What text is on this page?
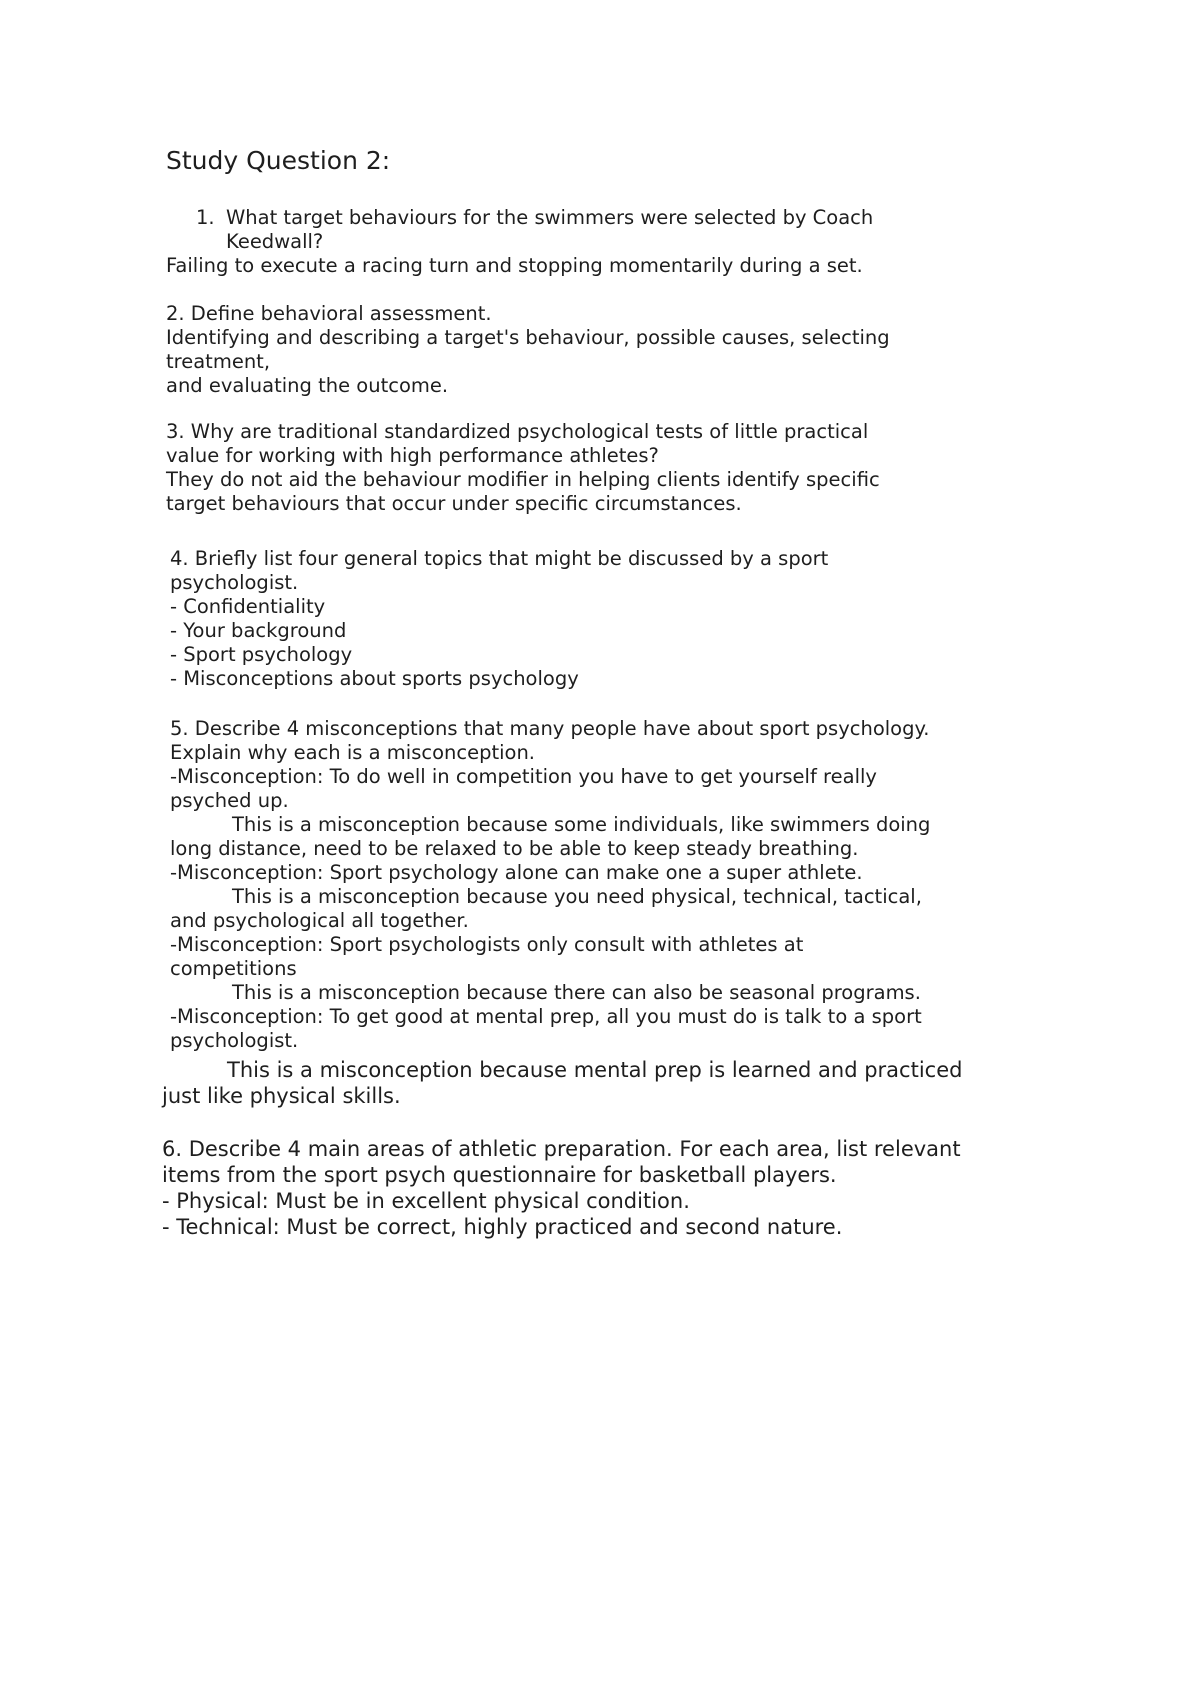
Study Question 2:
1. What target behaviours for the swimmers were selected by Coach
Keedwall?
Failing to execute a racing turn and stopping momentarily during a set.
2. Define behavioral assessment.
Identifying and describing a target's behaviour, possible causes, selecting
treatment,
and evaluating the outcome.
3. Why are traditional standardized psychological tests of little practical
value for working with high performance athletes?
They do not aid the behaviour modifier in helping clients identify specific
target behaviours that occur under specific circumstances.
4. Briefly list four general topics that might be discussed by a sport
psychologist.
- Confidentiality
- Your background
- Sport psychology
- Misconceptions about sports psychology
5. Describe 4 misconceptions that many people have about sport psychology.
Explain why each is a misconception.
-Misconception: To do well in competition you have to get yourself really
psyched up.
This is a misconception because some individuals, like swimmers doing
long distance, need to be relaxed to be able to keep steady breathing.
-Misconception: Sport psychology alone can make one a super athlete.
This is a misconception because you need physical, technical, tactical,
and psychological all together.
-Misconception: Sport psychologists only consult with athletes at
competitions
This is a misconception because there can also be seasonal programs.
-Misconception: To get good at mental prep, all you must do is talk to a sport
psychologist.
This is a misconception because mental prep is learned and practiced
just like physical skills.
6. Describe 4 main areas of athletic preparation. For each area, list relevant
items from the sport psych questionnaire for basketball players.
- Physical: Must be in excellent physical condition.
- Technical: Must be correct, highly practiced and second nature.
